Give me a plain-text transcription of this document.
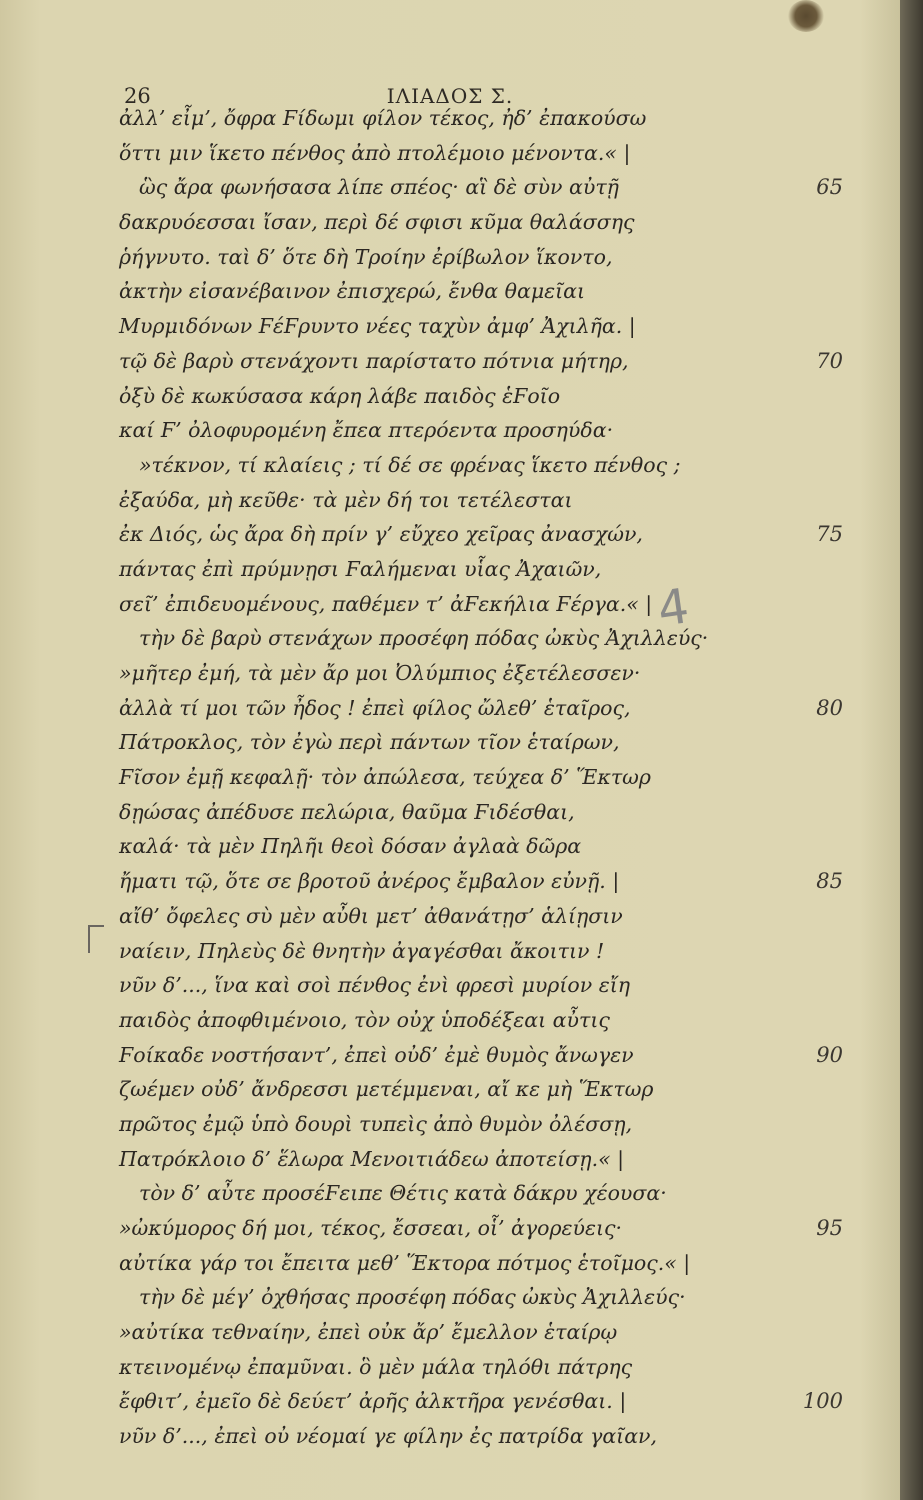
26	ΙΛΙΑΔΟΣ Σ.
ἀλλ’ εἶμ’, ὄφρα Ϝίδωμι φίλον τέκος, ἠδ’ ἐπακούσω
ὅττι μιν ἵκετο πένθος ἀπὸ πτολέμοιο μένοντα.« |
ὣς ἄρα φωνήσασα λίπε σπέος· αἳ δὲ σὺν αὐτῇ	65
δακρυόεσσαι ἴσαν, περὶ δέ σφισι κῦμα θαλάσσης
ῥήγνυτο. ταὶ δ’ ὅτε δὴ Τροίην ἐρίβωλον ἵκοντο,
ἀκτὴν εἰσανέβαινον ἐπισχερώ, ἔνθα θαμεῖαι
Μυρμιδόνων ϜέϜρυντο νέες ταχὺν ἀμφ’ Ἀχιλῆα. |
τῷ δὲ βαρὺ στενάχοντι παρίστατο πότνια μήτηρ,	70
ὀξὺ δὲ κωκύσασα κάρη λάβε παιδὸς ἑϜοῖο
καί Ϝ’ ὀλοφυρομένη ἔπεα πτερόεντα προσηύδα·
»τέκνον, τί κλαίεις ; τί δέ σε φρένας ἵκετο πένθος ;
ἐξαύδα, μὴ κεῦθε· τὰ μὲν δή τοι τετέλεσται
ἐκ Διός, ὡς ἄρα δὴ πρίν γ’ εὔχεο χεῖρας ἀνασχών,	75
πάντας ἐπὶ πρύμνῃσι Ϝαλήμεναι υἷας Ἀχαιῶν,
σεῖ’ ἐπιδευομένους, παθέμεν τ’ ἀϜεκήλια Ϝέργα.« |
τὴν δὲ βαρὺ στενάχων προσέφη πόδας ὠκὺς Ἀχιλλεύς·
»μῆτερ ἐμή, τὰ μὲν ἄρ μοι Ὀλύμπιος ἐξετέλεσσεν·
ἀλλὰ τί μοι τῶν ἦδος ! ἐπεὶ φίλος ὤλεθ’ ἑταῖρος,	80
Πάτροκλος, τὸν ἐγὼ περὶ πάντων τῖον ἑταίρων,
Ϝῖσον ἐμῇ κεφαλῇ· τὸν ἀπώλεσα, τεύχεα δ’ Ἕκτωρ
δῃώσας ἀπέδυσε πελώρια, θαῦμα Ϝιδέσθαι,
καλά· τὰ μὲν Πηλῆι θεοὶ δόσαν ἀγλαὰ δῶρα
ἤματι τῷ, ὅτε σε βροτοῦ ἀνέρος ἔμβαλον εὐνῇ. |	85
αἴθ’ ὄφελες σὺ μὲν αὖθι μετ’ ἀθανάτῃσ’ ἁλίῃσιν
ναίειν, Πηλεὺς δὲ θνητὴν ἀγαγέσθαι ἄκοιτιν !
νῦν δ’..., ἵνα καὶ σοὶ πένθος ἐνὶ φρεσὶ μυρίον εἴη
παιδὸς ἀποφθιμένοιο, τὸν οὐχ ὑποδέξεαι αὖτις
Ϝοίκαδε νοστήσαντ’, ἐπεὶ οὐδ’ ἐμὲ θυμὸς ἄνωγεν	90
ζωέμεν οὐδ’ ἄνδρεσσι μετέμμεναι, αἴ κε μὴ Ἕκτωρ
πρῶτος ἐμῷ ὑπὸ δουρὶ τυπεὶς ἀπὸ θυμὸν ὀλέσσῃ,
Πατρόκλοιο δ’ ἕλωρα Μενοιτιάδεω ἀποτείσῃ.« |
τὸν δ’ αὖτε προσέϜειπε Θέτις κατὰ δάκρυ χέουσα·
»ὠκύμορος δή μοι, τέκος, ἔσσεαι, οἷ’ ἀγορεύεις·	95
αὐτίκα γάρ τοι ἔπειτα μεθ’ Ἕκτορα πότμος ἑτοῖμος.« |
τὴν δὲ μέγ’ ὀχθήσας προσέφη πόδας ὠκὺς Ἀχιλλεύς·
»αὐτίκα τεθναίην, ἐπεὶ οὐκ ἄρ’ ἔμελλον ἑταίρῳ
κτεινομένῳ ἐπαμῦναι. ὃ μὲν μάλα τηλόθι πάτρης
ἔφθιτ’, ἐμεῖο δὲ δεύετ’ ἀρῆς ἀλκτῆρα γενέσθαι. |	100
νῦν δ’..., ἐπεὶ οὐ νέομαί γε φίλην ἐς πατρίδα γαῖαν,
4
